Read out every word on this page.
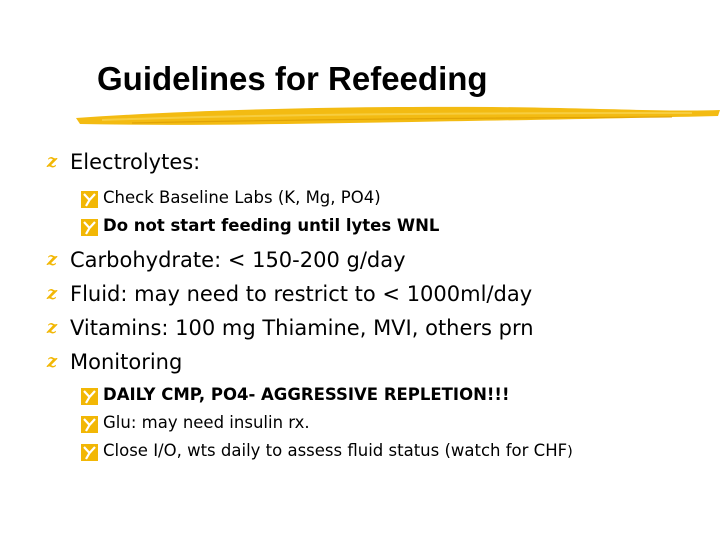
Guidelines for Refeeding
z Electrolytes:
Check Baseline Labs (K, Mg, PO4)
Do not start feeding until lytes WNL
z Carbohydrate: < 150-200 g/day
z Fluid: may need to restrict to < 1000ml/day
z Vitamins: 100 mg Thiamine, MVI, others prn
z Monitoring
DAILY CMP, PO4- AGGRESSIVE REPLETION!!!
Glu: may need insulin rx.
Close I/O, wts daily to assess fluid status (watch for CHF)
